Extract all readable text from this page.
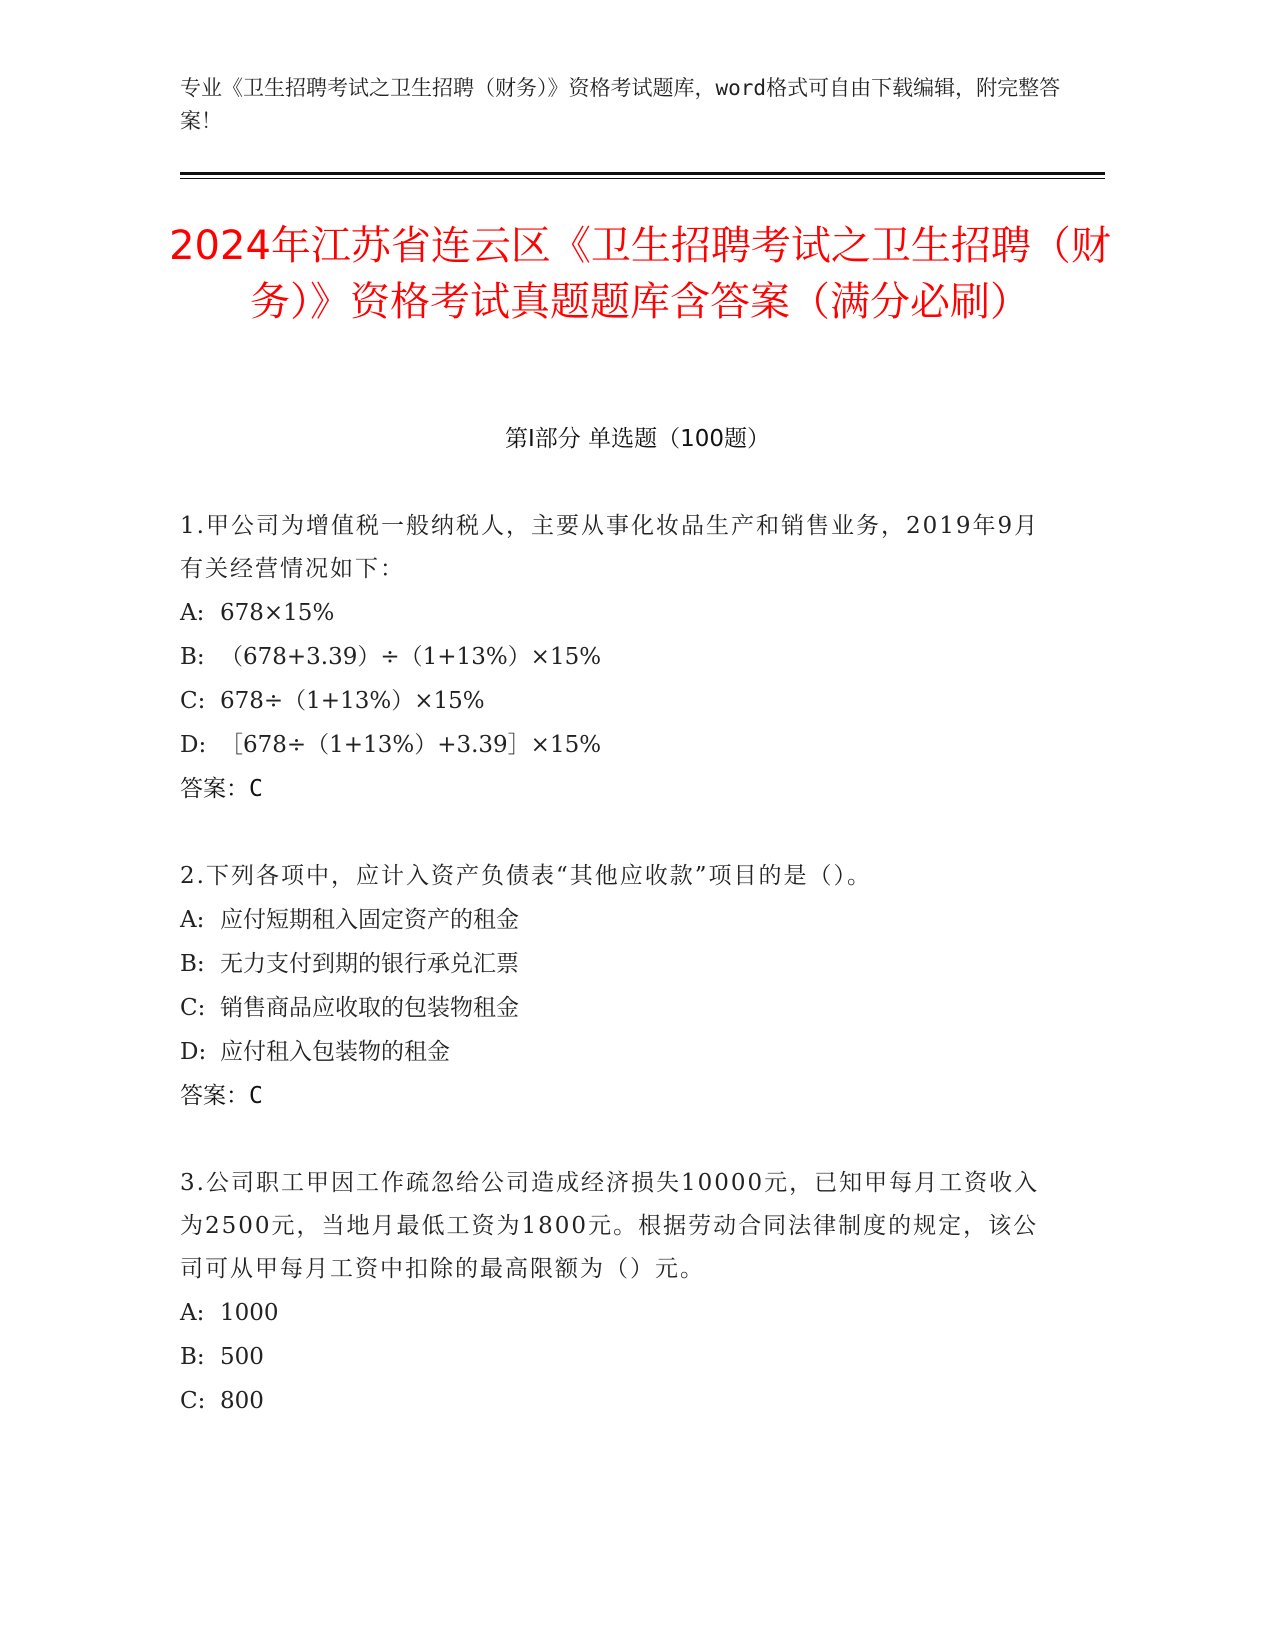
专业《卫生招聘考试之卫生招聘（财务）》资格考试题库，word格式可自由下载编辑，附完整答案！
2024年江苏省连云区《卫生招聘考试之卫生招聘（财务）》资格考试真题题库含答案（满分必刷）
第Ⅰ部分 单选题（100题）
1.甲公司为增值税一般纳税人，主要从事化妆品生产和销售业务，2019年9月有关经营情况如下：
A: 678×15%
B: （678+3.39）÷（1+13%）×15%
C: 678÷（1+13%）×15%
D: ［678÷（1+13%）+3.39］×15%
答案：C
2.下列各项中，应计入资产负债表“其他应收款”项目的是（）。
A: 应付短期租入固定资产的租金
B: 无力支付到期的银行承兑汇票
C: 销售商品应收取的包装物租金
D: 应付租入包装物的租金
答案：C
3.公司职工甲因工作疏忽给公司造成经济损失10000元，已知甲每月工资收入为2500元，当地月最低工资为1800元。根据劳动合同法律制度的规定，该公司可从甲每月工资中扣除的最高限额为（）元。
A: 1000
B: 500
C: 800
